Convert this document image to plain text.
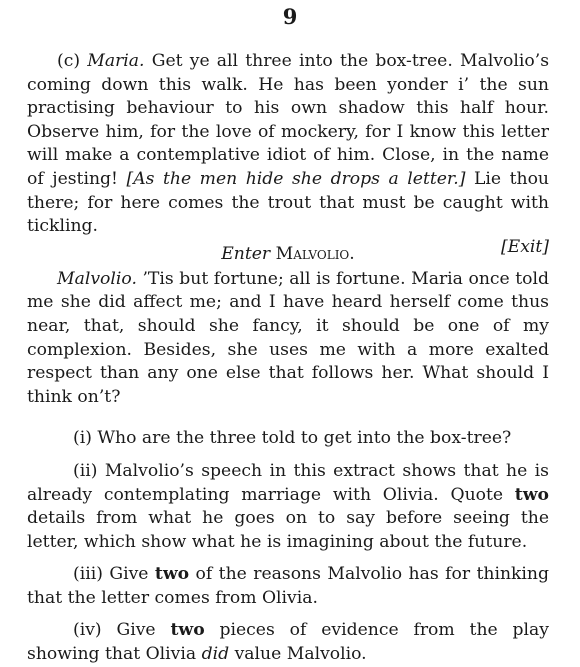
9

(c) Maria. Get ye all three into the box-tree. Malvolio’s coming down this walk. He has been yonder i’ the sun practising behaviour to his own shadow this half hour. Observe him, for the love of mockery, for I know this letter will make a contemplative idiot of him. Close, in the name of jesting! [As the men hide she drops a letter.] Lie thou there; for here comes the trout that must be caught with tickling.

Enter Malvolio.	[Exit]

Malvolio. ’Tis but fortune; all is fortune. Maria once told me she did affect me; and I have heard herself come thus near, that, should she fancy, it should be one of my complexion. Besides, she uses me with a more exalted respect than any one else that follows her. What should I think on’t?

(i) Who are the three told to get into the box-tree?

(ii) Malvolio’s speech in this extract shows that he is already contemplating marriage with Olivia. Quote two details from what he goes on to say before seeing the letter, which show what he is imagining about the future.

(iii) Give two of the reasons Malvolio has for thinking that the letter comes from Olivia.

(iv) Give two pieces of evidence from the play showing that Olivia did value Malvolio.
